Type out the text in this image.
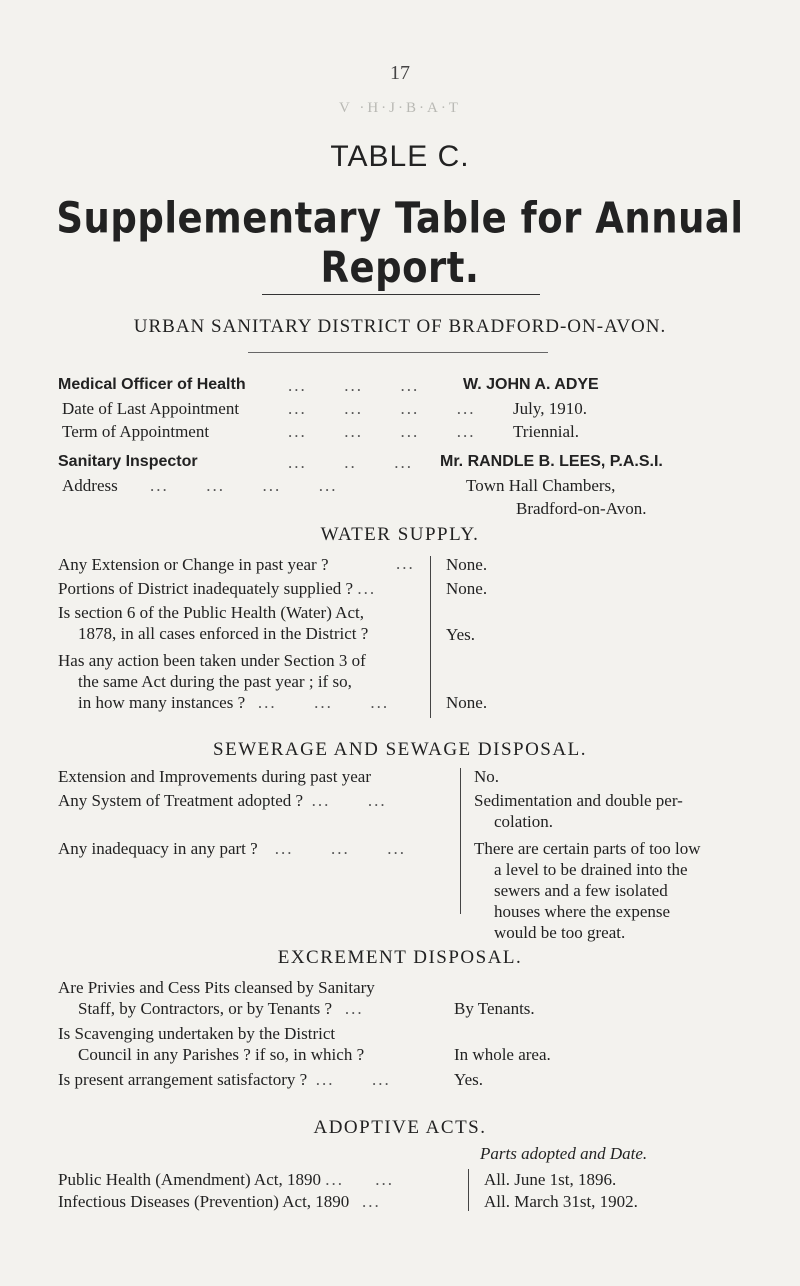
17
V ·H·J·B·A·T
TABLE C.
Supplementary Table for Annual Report.
URBAN SANITARY DISTRICT OF BRADFORD-ON-AVON.
Medical Officer of Health ...      ...      ...	W. JOHN A. ADYE
Date of Last Appointment	...      ...      ...      ... July, 1910.
Term of Appointment	...      ...      ...      ... Triennial.
Sanitary Inspector	...      ..      ... Mr. RANDLE B. LEES, P.A.S.I.
Address ...      ...      ...      ...	Town Hall Chambers,
Bradford-on-Avon.
WATER SUPPLY.
Any Extension or Change in past year ?	... None.
Portions of District inadequately supplied ? ...	None.
Is section 6 of the Public Health (Water) Act,
1878, in all cases enforced in the District ?	Yes.
Has any action been taken under Section 3 of
the same Act during the past year ; if so,
in how many instances ? ...      ...      ...	None.
SEWERAGE AND SEWAGE DISPOSAL.
Extension and Improvements during past year	No.
Any System of Treatment adopted ? ...      ...	Sedimentation and double per-
colation.
Any inadequacy in any part ? ...      ...      ...	There are certain parts of too low
a level to be drained into the
sewers and a few isolated
houses where the expense
would be too great.
EXCREMENT DISPOSAL.
Are Privies and Cess Pits cleansed by Sanitary
Staff, by Contractors, or by Tenants ? ...	By Tenants.
Is Scavenging undertaken by the District
Council in any Parishes ? if so, in which ?	In whole area.
Is present arrangement satisfactory ? ...      ...	Yes.
ADOPTIVE ACTS.
Parts adopted and Date.
Public Health (Amendment) Act, 1890 ...     ...	All. June 1st, 1896.
Infectious Diseases (Prevention) Act, 1890 ...	All. March 31st, 1902.
